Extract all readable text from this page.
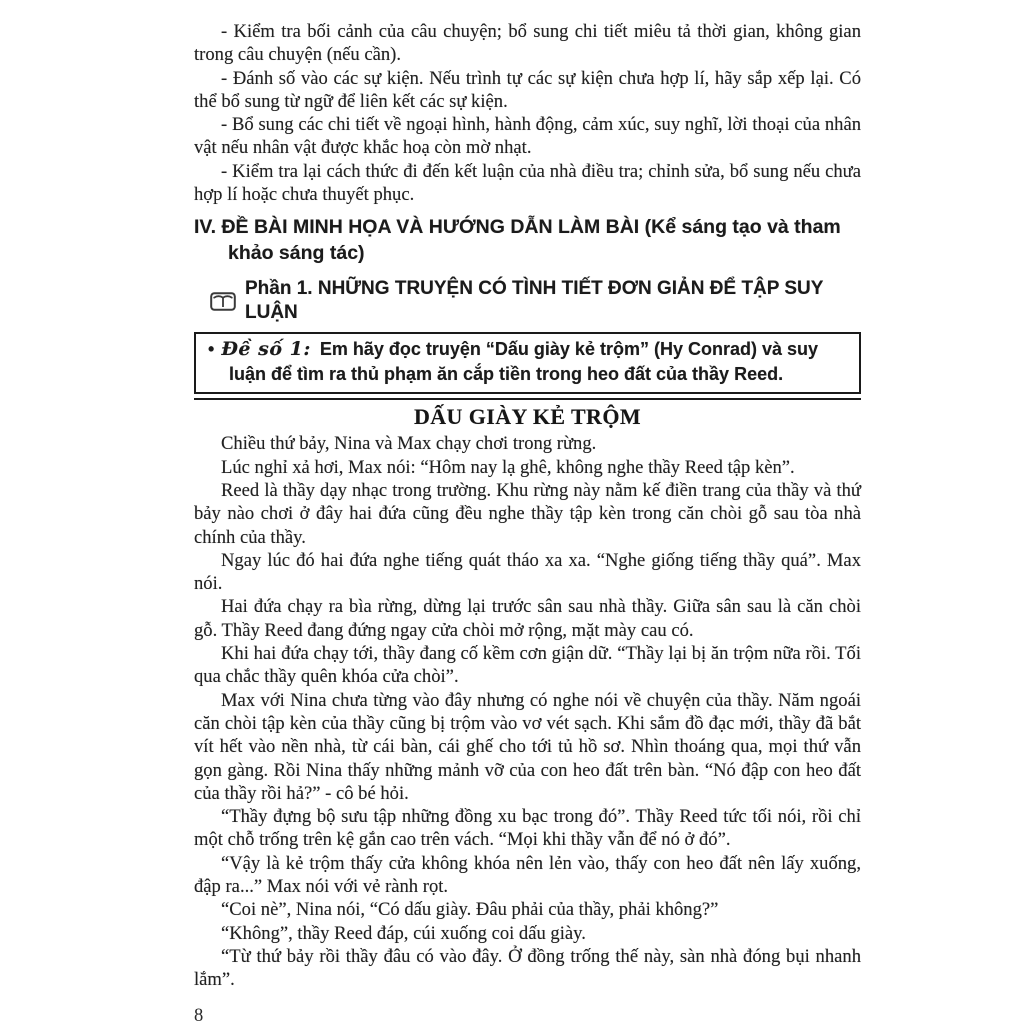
- Kiểm tra bối cảnh của câu chuyện; bổ sung chi tiết miêu tả thời gian, không gian trong câu chuyện (nếu cần).

- Đánh số vào các sự kiện. Nếu trình tự các sự kiện chưa hợp lí, hãy sắp xếp lại. Có thể bổ sung từ ngữ để liên kết các sự kiện.

- Bổ sung các chi tiết về ngoại hình, hành động, cảm xúc, suy nghĩ, lời thoại của nhân vật nếu nhân vật được khắc hoạ còn mờ nhạt.

- Kiểm tra lại cách thức đi đến kết luận của nhà điều tra; chỉnh sửa, bổ sung nếu chưa hợp lí hoặc chưa thuyết phục.

IV. ĐỀ BÀI MINH HỌA VÀ HƯỚNG DẪN LÀM BÀI (Kể sáng tạo và tham khảo sáng tác)
Phần 1. NHỮNG TRUYỆN CÓ TÌNH TIẾT ĐƠN GIẢN ĐỂ TẬP SUY LUẬN

• Đề số 1: Em hãy đọc truyện “Dấu giày kẻ trộm” (Hy Conrad) và suy luận để tìm ra thủ phạm ăn cắp tiền trong heo đất của thầy Reed.

DẤU GIÀY KẺ TRỘM

Chiều thứ bảy, Nina và Max chạy chơi trong rừng.

Lúc nghỉ xả hơi, Max nói: “Hôm nay lạ ghê, không nghe thầy Reed tập kèn”.

Reed là thầy dạy nhạc trong trường. Khu rừng này nằm kế điền trang của thầy và thứ bảy nào chơi ở đây hai đứa cũng đều nghe thầy tập kèn trong căn chòi gỗ sau tòa nhà chính của thầy.

Ngay lúc đó hai đứa nghe tiếng quát tháo xa xa. “Nghe giống tiếng thầy quá”. Max nói.

Hai đứa chạy ra bìa rừng, dừng lại trước sân sau nhà thầy. Giữa sân sau là căn chòi gỗ. Thầy Reed đang đứng ngay cửa chòi mở rộng, mặt mày cau có.

Khi hai đứa chạy tới, thầy đang cố kềm cơn giận dữ. “Thầy lại bị ăn trộm nữa rồi. Tối qua chắc thầy quên khóa cửa chòi”.

Max với Nina chưa từng vào đây nhưng có nghe nói về chuyện của thầy. Năm ngoái căn chòi tập kèn của thầy cũng bị trộm vào vơ vét sạch. Khi sắm đồ đạc mới, thầy đã bắt vít hết vào nền nhà, từ cái bàn, cái ghế cho tới tủ hồ sơ. Nhìn thoáng qua, mọi thứ vẫn gọn gàng. Rồi Nina thấy những mảnh vỡ của con heo đất trên bàn. “Nó đập con heo đất của thầy rồi hả?” - cô bé hỏi.

“Thầy đựng bộ sưu tập những đồng xu bạc trong đó”. Thầy Reed tức tối nói, rồi chỉ một chỗ trống trên kệ gắn cao trên vách. “Mọi khi thầy vẫn để nó ở đó”.

“Vậy là kẻ trộm thấy cửa không khóa nên lẻn vào, thấy con heo đất nên lấy xuống, đập ra...” Max nói với vẻ rành rọt.

“Coi nè”, Nina nói, “Có dấu giày. Đâu phải của thầy, phải không?”

“Không”, thầy Reed đáp, cúi xuống coi dấu giày.

“Từ thứ bảy rồi thầy đâu có vào đây. Ở đồng trống thế này, sàn nhà đóng bụi nhanh lắm”.

8
